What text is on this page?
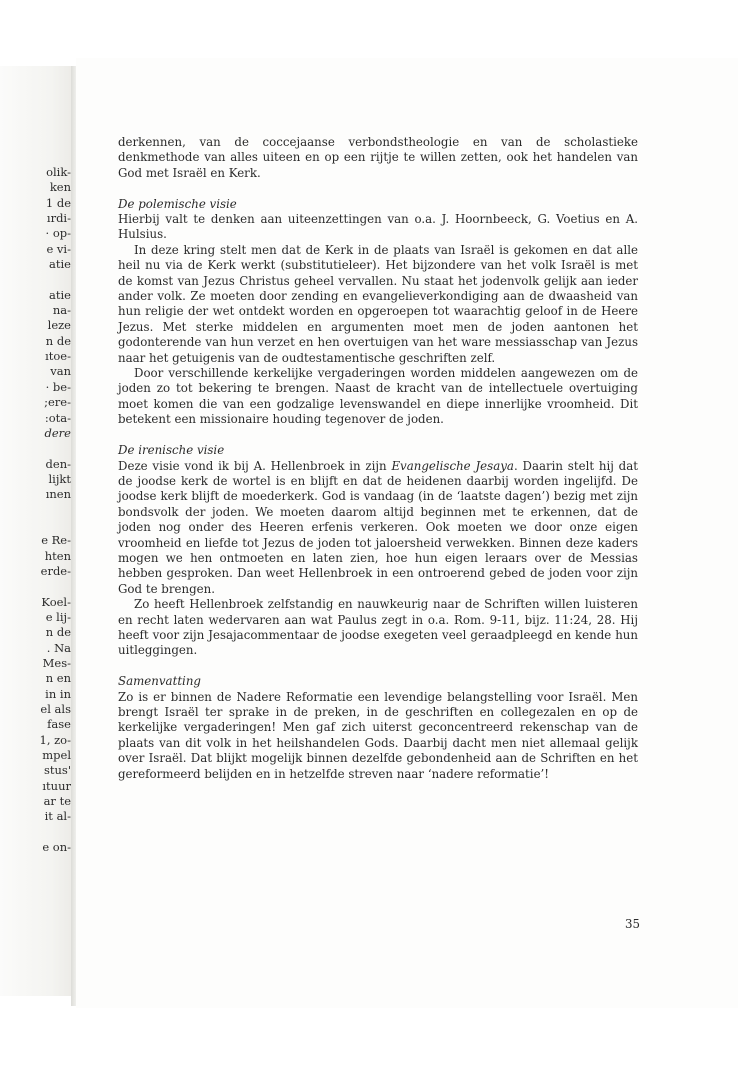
olik-
ken
1 de
ırdi-
· op-
e vi-
atie
atie
na-
leze
n de
ıtoe-
van
· be-
;ere-
:ota-
dere
den-
lijkt
ınen
e Re-
hten
erde-
Koel-
e lij-
n de
. Na
Mes-
n en
in in
el als
fase
1, zo-
mpel
stus'
ıtuur
ar te
it al-
e on-

derkennen, van de coccejaanse verbondstheologie en van de scholastieke denkmethode van alles uiteen en op een rijtje te willen zetten, ook het handelen van God met Israël en Kerk.

De polemische visie

Hierbij valt te denken aan uiteenzettingen van o.a. J. Hoornbeeck, G. Voetius en A. Hulsius.

In deze kring stelt men dat de Kerk in de plaats van Israël is gekomen en dat alle heil nu via de Kerk werkt (substitutieleer). Het bijzondere van het volk Israël is met de komst van Jezus Christus geheel vervallen. Nu staat het jodenvolk gelijk aan ieder ander volk. Ze moeten door zending en evangelieverkondiging aan de dwaasheid van hun religie der wet ontdekt worden en opgeroepen tot waarachtig geloof in de Heere Jezus. Met sterke middelen en argumenten moet men de joden aantonen het godonterende van hun verzet en hen overtuigen van het ware messiasschap van Jezus naar het getuigenis van de oudtestamentische geschriften zelf.

Door verschillende kerkelijke vergaderingen worden middelen aangewezen om de joden zo tot bekering te brengen. Naast de kracht van de intellectuele overtuiging moet komen die van een godzalige levenswandel en diepe innerlijke vroomheid. Dit betekent een missionaire houding tegenover de joden.

De irenische visie

Deze visie vond ik bij A. Hellenbroek in zijn Evangelische Jesaya. Daarin stelt hij dat de joodse kerk de wortel is en blijft en dat de heidenen daarbij worden ingelijfd. De joodse kerk blijft de moederkerk. God is vandaag (in de ‘laatste dagen’) bezig met zijn bondsvolk der joden. We moeten daarom altijd beginnen met te erkennen, dat de joden nog onder des Heeren erfenis verkeren. Ook moeten we door onze eigen vroomheid en liefde tot Jezus de joden tot jaloersheid verwekken. Binnen deze kaders mogen we hen ontmoeten en laten zien, hoe hun eigen leraars over de Messias hebben gesproken. Dan weet Hellenbroek in een ontroerend gebed de joden voor zijn God te brengen.

Zo heeft Hellenbroek zelfstandig en nauwkeurig naar de Schriften willen luisteren en recht laten wedervaren aan wat Paulus zegt in o.a. Rom. 9-11, bijz. 11:24, 28. Hij heeft voor zijn Jesajacommentaar de joodse exegeten veel geraadpleegd en kende hun uitleggingen.

Samenvatting

Zo is er binnen de Nadere Reformatie een levendige belangstelling voor Israël. Men brengt Israël ter sprake in de preken, in de geschriften en collegezalen en op de kerkelijke vergaderingen! Men gaf zich uiterst geconcentreerd rekenschap van de plaats van dit volk in het heilshandelen Gods. Daarbij dacht men niet allemaal gelijk over Israël. Dat blijkt mogelijk binnen dezelfde gebondenheid aan de Schriften en het gereformeerd belijden en in hetzelfde streven naar ‘nadere reformatie’!

35
